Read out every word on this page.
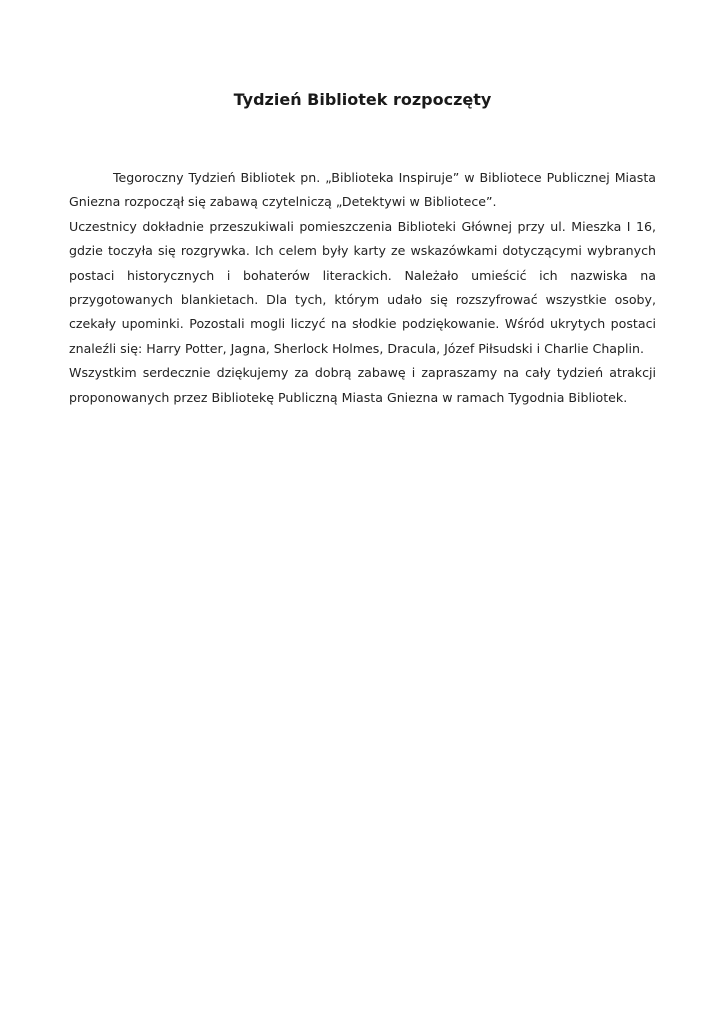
Tydzień Bibliotek rozpoczęty

Tegoroczny Tydzień Bibliotek pn. „Biblioteka Inspiruje” w Bibliotece Publicznej Miasta Gniezna rozpoczął się zabawą czytelniczą „Detektywi w Bibliotece”.

Uczestnicy dokładnie przeszukiwali pomieszczenia Biblioteki Głównej przy ul. Mieszka I 16, gdzie toczyła się rozgrywka. Ich celem były karty ze wskazówkami dotyczącymi wybranych postaci historycznych i bohaterów literackich. Należało umieścić ich nazwiska na przygotowanych blankietach. Dla tych, którym udało się rozszyfrować wszystkie osoby, czekały upominki. Pozostali mogli liczyć na słodkie podziękowanie. Wśród ukrytych postaci znaleźli się: Harry Potter, Jagna, Sherlock Holmes, Dracula, Józef Piłsudski i Charlie Chaplin.

Wszystkim serdecznie dziękujemy za dobrą zabawę i zapraszamy na cały tydzień atrakcji proponowanych przez Bibliotekę Publiczną Miasta Gniezna w ramach Tygodnia Bibliotek.
